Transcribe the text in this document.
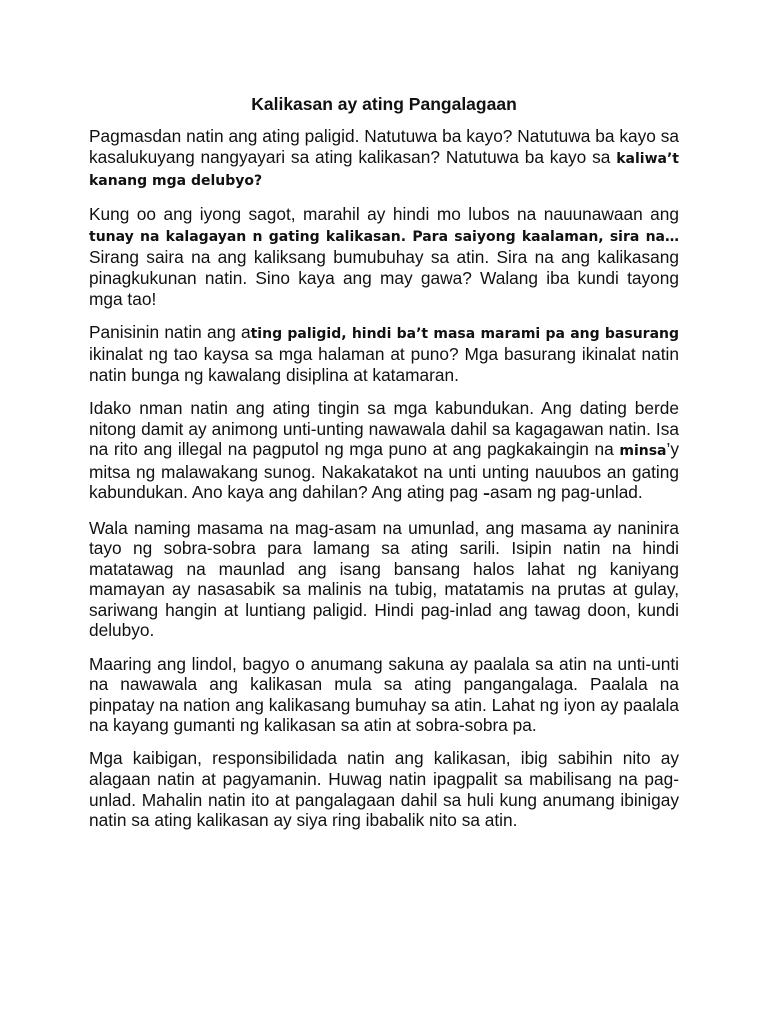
Kalikasan ay ating Pangalagaan

Pagmasdan natin ang ating paligid. Natutuwa ba kayo? Natutuwa ba kayo sa kasalukuyang nangyayari sa ating kalikasan? Natutuwa ba kayo sa kaliwa’t kanang mga delubyo?

Kung oo ang iyong sagot, marahil ay hindi mo lubos na nauunawaan ang tunay na kalagayan n gating kalikasan. Para saiyong kaalaman, sira na… Sirang saira na ang kaliksang bumubuhay sa atin. Sira na ang kalikasang pinagkukunan natin. Sino kaya ang may gawa? Walang iba kundi tayong mga tao!

Panisinin natin ang ating paligid, hindi ba’t masa marami pa ang basurang ikinalat ng tao kaysa sa mga halaman at puno? Mga basurang ikinalat natin natin bunga ng kawalang disiplina at katamaran.

Idako nman natin ang ating tingin sa mga kabundukan. Ang dating berde nitong damit ay animong unti-unting nawawala dahil sa kagagawan natin. Isa na rito ang illegal na pagputol ng mga puno at ang pagkakaingin na minsa’y mitsa ng malawakang sunog. Nakakatakot na unti unting nauubos an gating kabundukan. Ano kaya ang dahilan? Ang ating pag –asam ng pag-unlad.

Wala naming masama na mag-asam na umunlad, ang masama ay naninira tayo ng sobra-sobra para lamang sa ating sarili. Isipin natin na hindi matatawag na maunlad ang isang bansang halos lahat ng kaniyang mamayan ay nasasabik sa malinis na tubig, matatamis na prutas at gulay, sariwang hangin at luntiang paligid. Hindi pag-inlad ang tawag doon, kundi delubyo.

Maaring ang lindol, bagyo o anumang sakuna ay paalala sa atin na unti-unti na nawawala ang kalikasan mula sa ating pangangalaga. Paalala na pinpatay na nation ang kalikasang bumuhay sa atin. Lahat ng iyon ay paalala na kayang gumanti ng kalikasan sa atin at sobra-sobra pa.

Mga kaibigan, responsibilidada natin ang kalikasan, ibig sabihin nito ay alagaan natin at pagyamanin. Huwag natin ipagpalit sa mabilisang na pag-unlad. Mahalin natin ito at pangalagaan dahil sa huli kung anumang ibinigay natin sa ating kalikasan ay siya ring ibabalik nito sa atin.
